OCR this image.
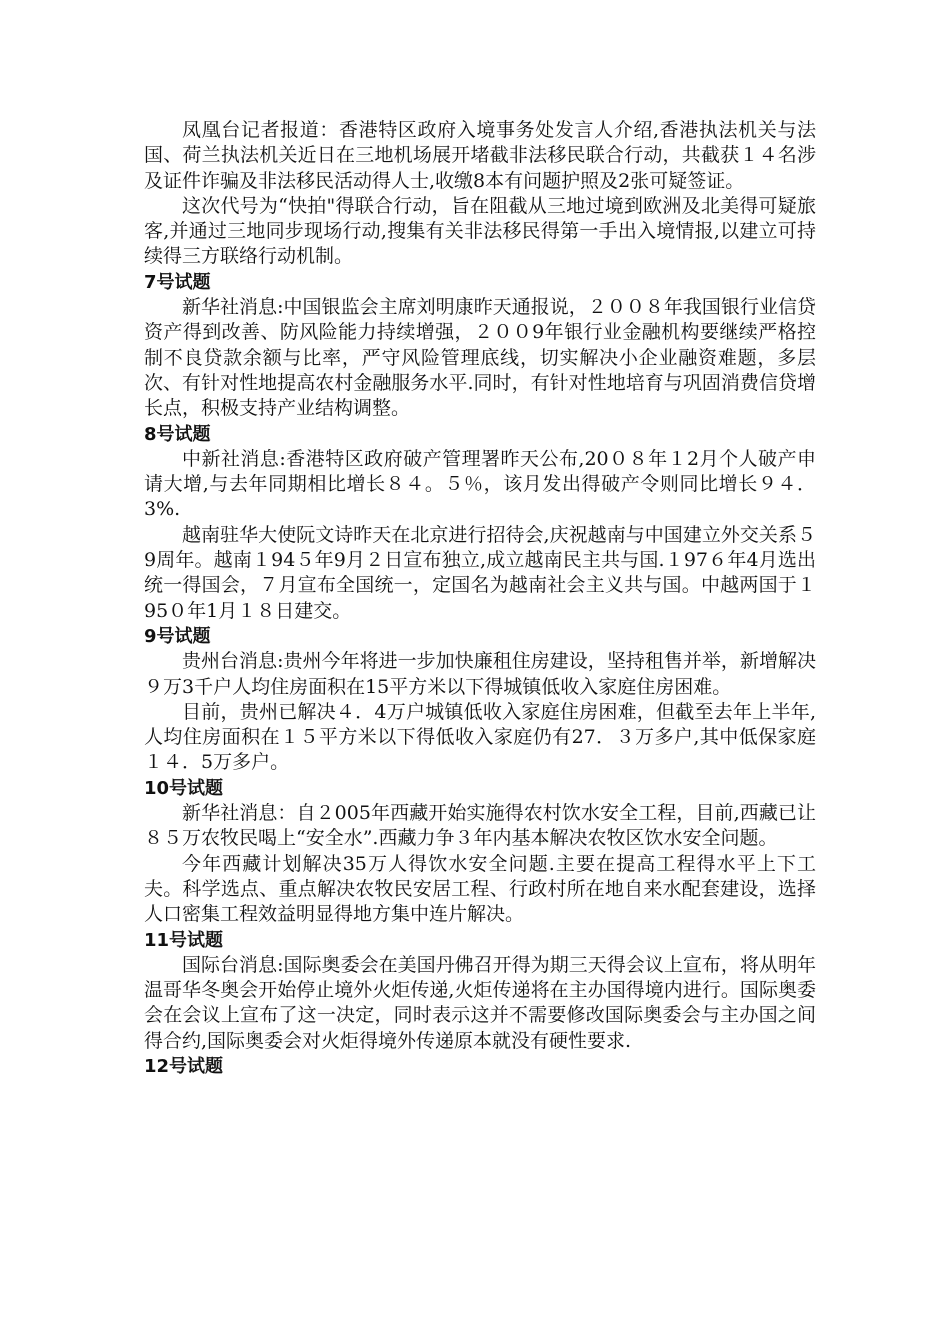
凤凰台记者报道：香港特区政府入境事务处发言人介绍,香港执法机关与法国、荷兰执法机关近日在三地机场展开堵截非法移民联合行动，共截获１４名涉及证件诈骗及非法移民活动得人士,收缴8本有问题护照及2张可疑签证。

这次代号为“快拍"得联合行动，旨在阻截从三地过境到欧洲及北美得可疑旅客,并通过三地同步现场行动,搜集有关非法移民得第一手出入境情报,以建立可持续得三方联络行动机制。

7号试题

新华社消息:中国银监会主席刘明康昨天通报说，２００８年我国银行业信贷资产得到改善、防风险能力持续增强，２００9年银行业金融机构要继续严格控制不良贷款余额与比率，严守风险管理底线，切实解决小企业融资难题，多层次、有针对性地提高农村金融服务水平.同时，有针对性地培育与巩固消费信贷增长点，积极支持产业结构调整。

8号试题

中新社消息:香港特区政府破产管理署昨天公布,20０８年１2月个人破产申请大增,与去年同期相比增长８４。５％，该月发出得破产令则同比增长９４．3%.

越南驻华大使阮文诗昨天在北京进行招待会,庆祝越南与中国建立外交关系５9周年。越南１94５年9月２日宣布独立,成立越南民主共与国.１97６年4月选出统一得国会，７月宣布全国统一，定国名为越南社会主义共与国。中越两国于１95０年1月１８日建交。

9号试题

贵州台消息:贵州今年将进一步加快廉租住房建设，坚持租售并举，新增解决９万3千户人均住房面积在15平方米以下得城镇低收入家庭住房困难。

目前，贵州已解决４．4万户城镇低收入家庭住房困难，但截至去年上半年,人均住房面积在１５平方米以下得低收入家庭仍有27．３万多户,其中低保家庭１４．5万多户。

10号试题

新华社消息：自２005年西藏开始实施得农村饮水安全工程，目前,西藏已让８５万农牧民喝上“安全水”.西藏力争３年内基本解决农牧区饮水安全问题。

今年西藏计划解决35万人得饮水安全问题.主要在提高工程得水平上下工夫。科学选点、重点解决农牧民安居工程、行政村所在地自来水配套建设，选择人口密集工程效益明显得地方集中连片解决。

11号试题

国际台消息:国际奥委会在美国丹佛召开得为期三天得会议上宣布，将从明年温哥华冬奥会开始停止境外火炬传递,火炬传递将在主办国得境内进行。国际奥委会在会议上宣布了这一决定，同时表示这并不需要修改国际奥委会与主办国之间得合约,国际奥委会对火炬得境外传递原本就没有硬性要求.

12号试题
